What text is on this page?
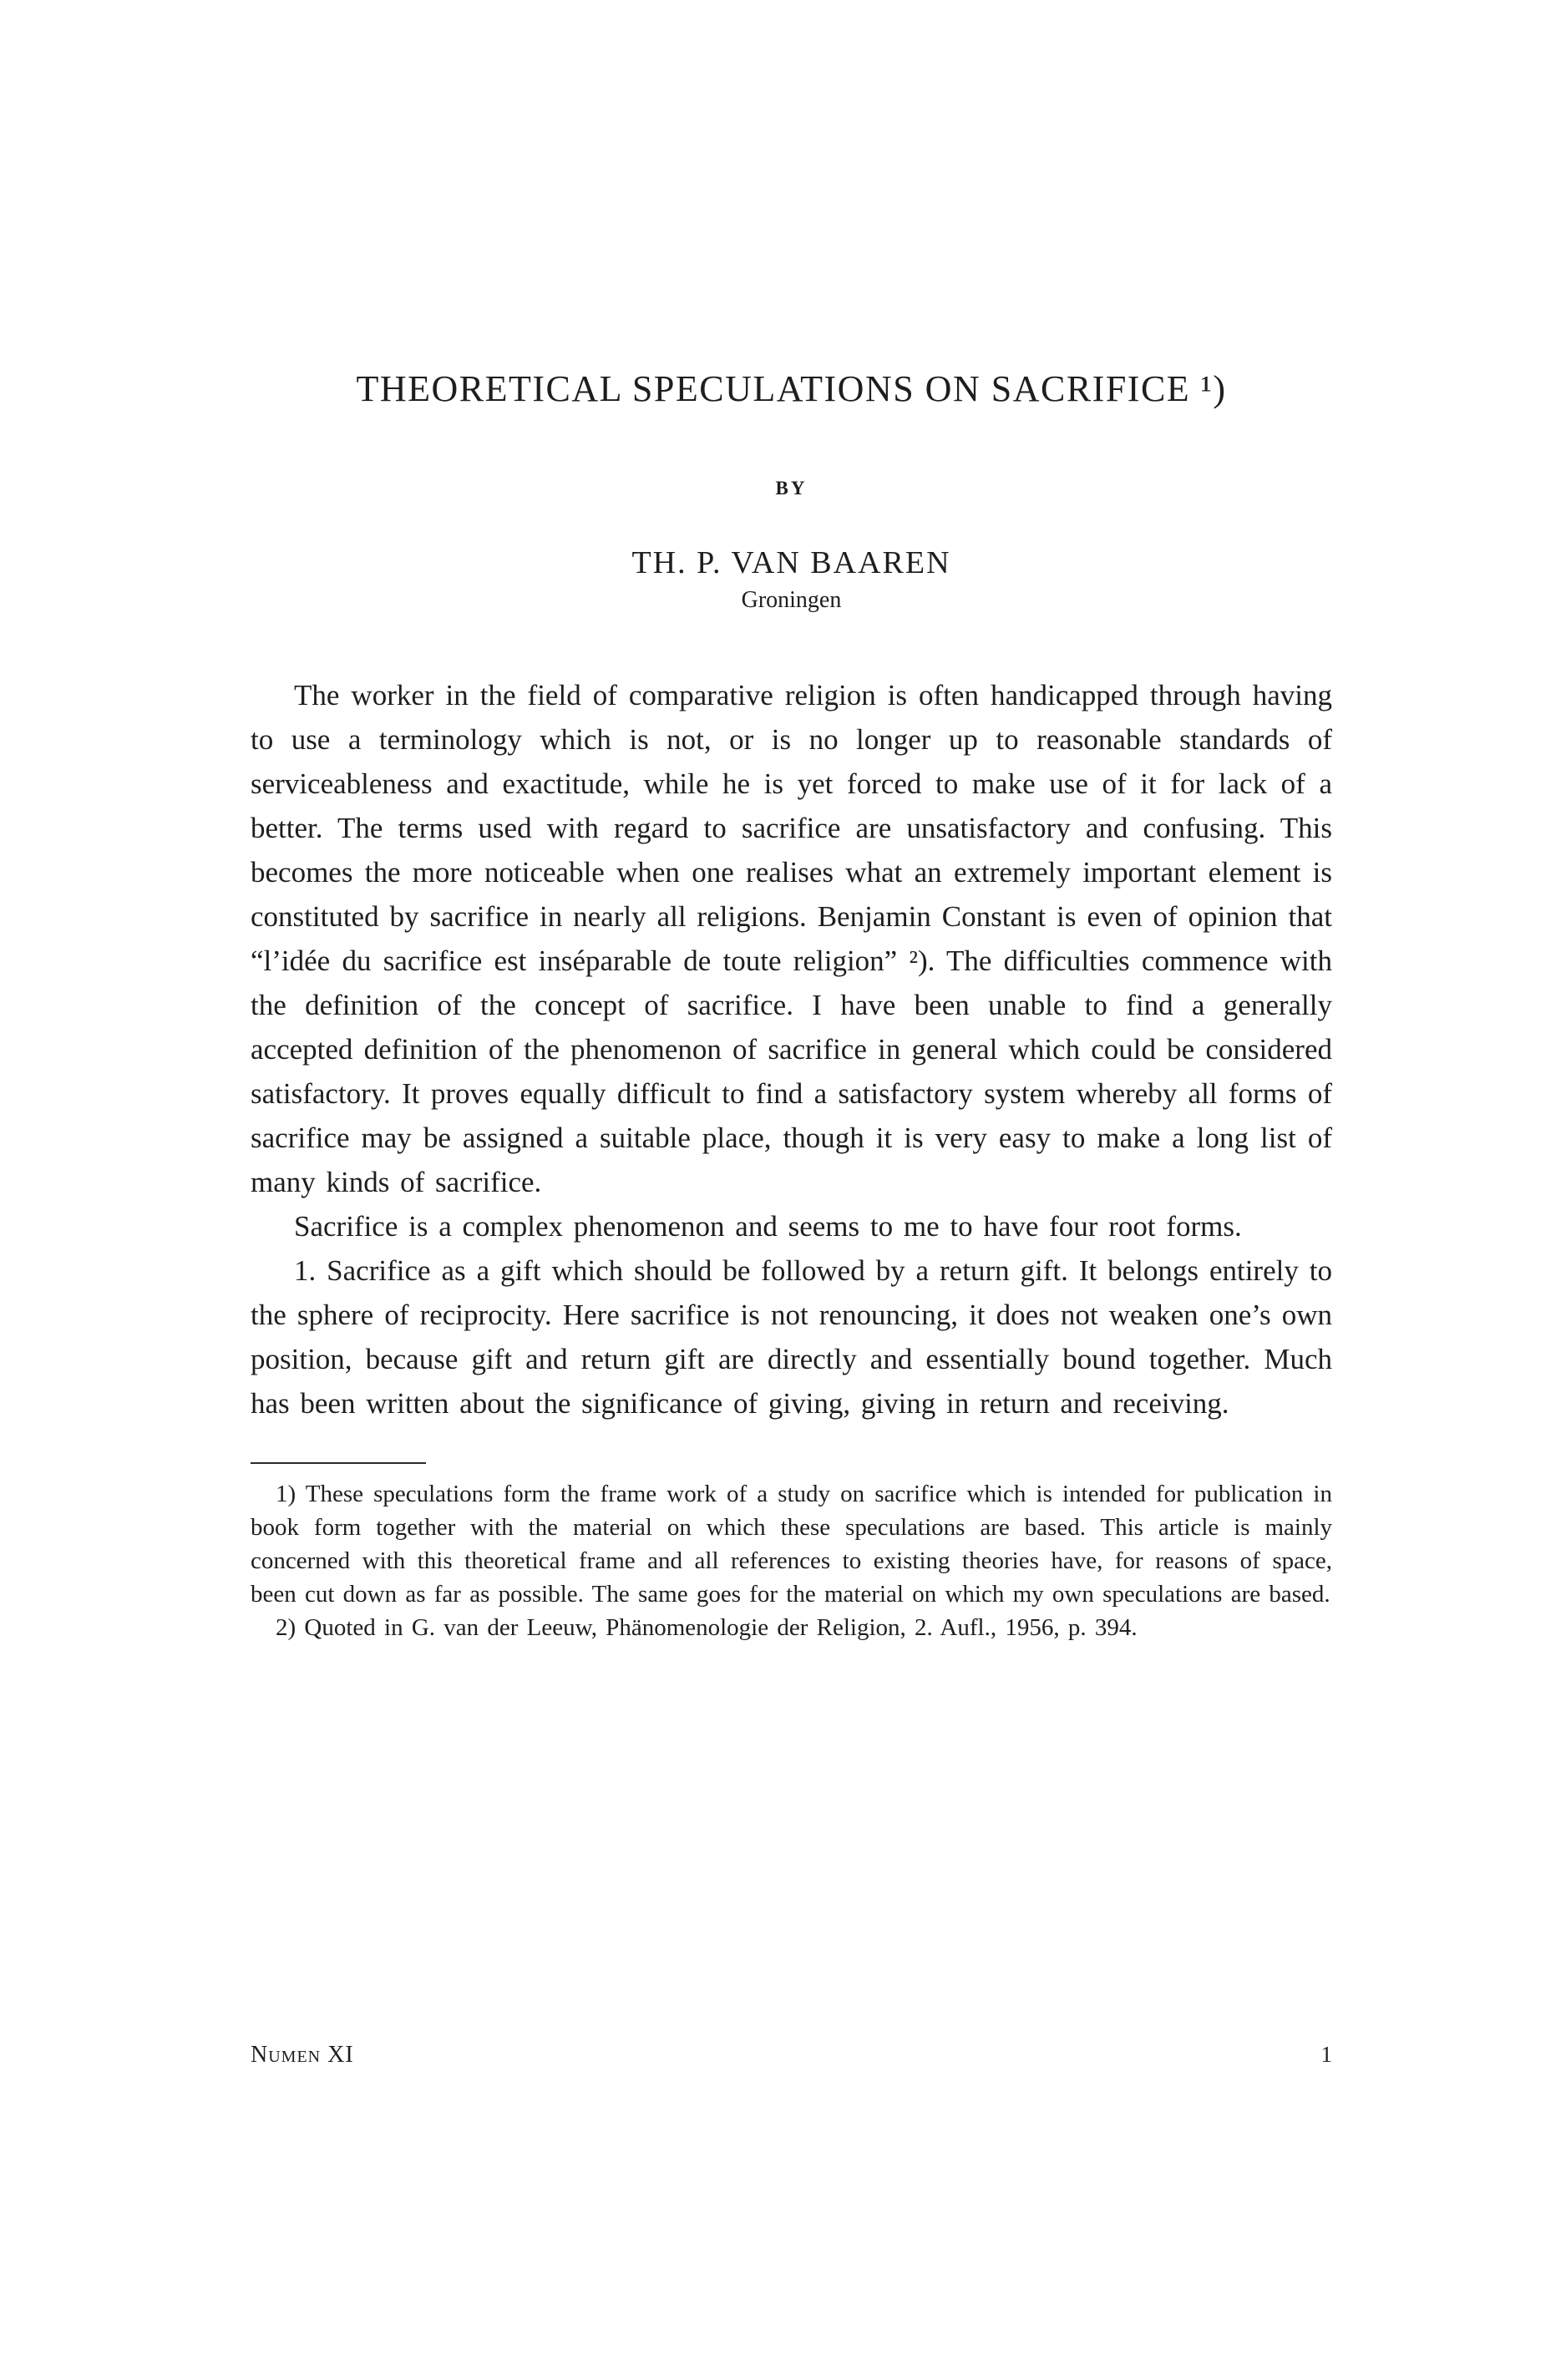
THEORETICAL SPECULATIONS ON SACRIFICE ¹)
BY
TH. P. VAN BAAREN
Groningen

The worker in the field of comparative religion is often handicapped through having to use a terminology which is not, or is no longer up to reasonable standards of serviceableness and exactitude, while he is yet forced to make use of it for lack of a better. The terms used with regard to sacrifice are unsatisfactory and confusing. This becomes the more noticeable when one realises what an extremely important element is constituted by sacrifice in nearly all religions. Benjamin Constant is even of opinion that “l’idée du sacrifice est inséparable de toute religion” ²). The difficulties commence with the definition of the concept of sacrifice. I have been unable to find a generally accepted definition of the phenomenon of sacrifice in general which could be considered satisfactory. It proves equally difficult to find a satisfactory system whereby all forms of sacrifice may be assigned a suitable place, though it is very easy to make a long list of many kinds of sacrifice.

Sacrifice is a complex phenomenon and seems to me to have four root forms.

1. Sacrifice as a gift which should be followed by a return gift. It belongs entirely to the sphere of reciprocity. Here sacrifice is not renouncing, it does not weaken one’s own position, because gift and return gift are directly and essentially bound together. Much has been written about the significance of giving, giving in return and receiving.

1) These speculations form the frame work of a study on sacrifice which is intended for publication in book form together with the material on which these speculations are based. This article is mainly concerned with this theoretical frame and all references to existing theories have, for reasons of space, been cut down as far as possible. The same goes for the material on which my own speculations are based.

2) Quoted in G. van der Leeuw, Phänomenologie der Religion, 2. Aufl., 1956, p. 394.

Numen XI	1
